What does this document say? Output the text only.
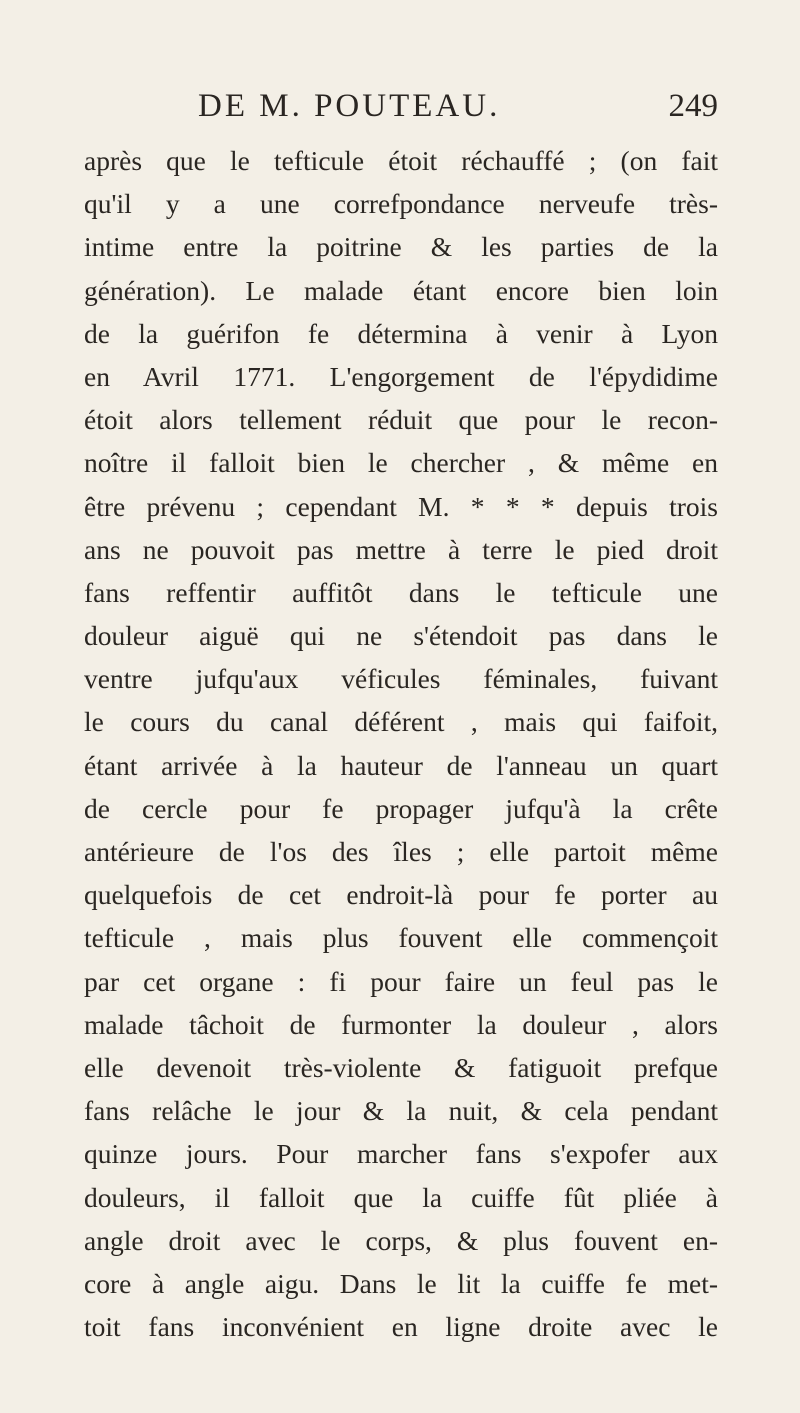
DE M. POUTEAU.	249
après que le tefticule étoit réchauffé ; (on fait
qu'il y a une correfpondance nerveufe très-
intime entre la poitrine & les parties de la
génération). Le malade étant encore bien loin
de la guérifon fe détermina à venir à Lyon
en Avril 1771. L'engorgement de l'épydidime
étoit alors tellement réduit que pour le recon-
noître il falloit bien le chercher , & même en
être prévenu ; cependant M. * * * depuis trois
ans ne pouvoit pas mettre à terre le pied droit
fans reffentir auffitôt dans le tefticule une
douleur aiguë qui ne s'étendoit pas dans le
ventre jufqu'aux véficules féminales, fuivant
le cours du canal déférent , mais qui faifoit,
étant arrivée à la hauteur de l'anneau un quart
de cercle pour fe propager jufqu'à la crête
antérieure de l'os des îles ; elle partoit même
quelquefois de cet endroit-là pour fe porter au
tefticule , mais plus fouvent elle commençoit
par cet organe : fi pour faire un feul pas le
malade tâchoit de furmonter la douleur , alors
elle devenoit très-violente & fatiguoit prefque
fans relâche le jour & la nuit, & cela pendant
quinze jours. Pour marcher fans s'expofer aux
douleurs, il falloit que la cuiffe fût pliée à
angle droit avec le corps, & plus fouvent en-
core à angle aigu. Dans le lit la cuiffe fe met-
toit fans inconvénient en ligne droite avec le
